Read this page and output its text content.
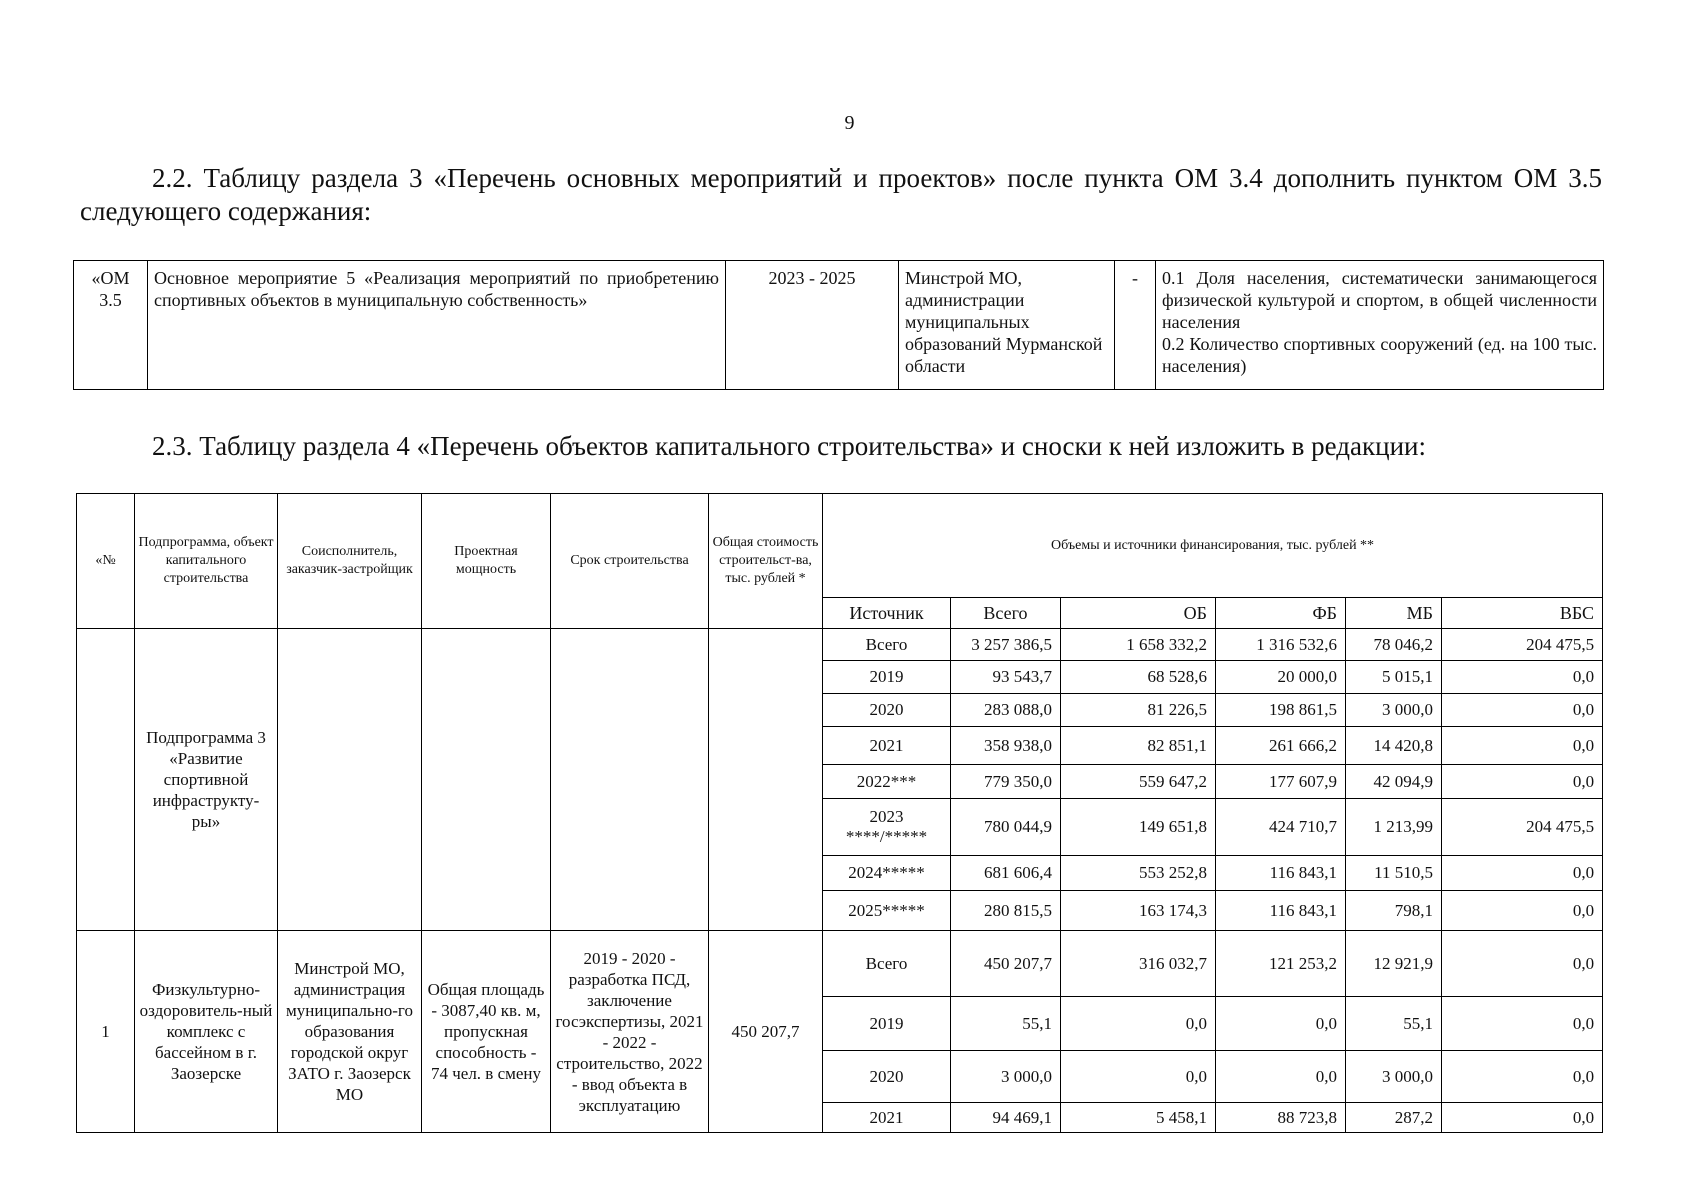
9
2.2. Таблицу раздела 3 «Перечень основных мероприятий и проектов» после пункта ОМ 3.4 дополнить пунктом ОМ 3.5 следующего содержания:
«ОМ 3.5	Основное мероприятие 5 «Реализация мероприятий по приобретению спортивных объектов в муниципальную собственность»	2023 - 2025	Минстрой МО, администрации муниципальных образований Мурманской области	-	0.1 Доля населения, систематически занимающегося физической культурой и спортом, в общей численности населения
0.2 Количество спортивных сооружений (ед. на 100 тыс. населения)
2.3. Таблицу раздела 4 «Перечень объектов капитального строительства» и сноски к ней изложить в редакции:
«№	Подпрограмма, объект капитального строительства	Соисполнитель, заказчик-застройщик	Проектная мощность	Срок строительства	Общая стоимость строительст-ва, тыс. рублей *	Объемы и источники финансирования, тыс. рублей **					
						Источник	Всего	ОБ	ФБ	МБ	ВБС
	Подпрограмма 3 «Развитие спортивной инфраструкту-ры»					Всего	3 257 386,5	1 658 332,2	1 316 532,6	78 046,2	204 475,5
						2019	93 543,7	68 528,6	20 000,0	5 015,1	0,0
						2020	283 088,0	81 226,5	198 861,5	3 000,0	0,0
						2021	358 938,0	82 851,1	261 666,2	14 420,8	0,0
						2022***	779 350,0	559 647,2	177 607,9	42 094,9	0,0
						2023 ****/*****	780 044,9	149 651,8	424 710,7	1 213,99	204 475,5
						2024*****	681 606,4	553 252,8	116 843,1	11 510,5	0,0
						2025*****	280 815,5	163 174,3	116 843,1	798,1	0,0
1	Физкультурно-оздоровитель-ный комплекс с бассейном в г. Заозерске	Минстрой МО, администрация муниципально-го образования городской округ ЗАТО г. Заозерск МО	Общая площадь - 3087,40 кв. м, пропускная способность - 74 чел. в смену	2019 - 2020 - разработка ПСД, заключение госэкспертизы, 2021 - 2022 - строительство, 2022 - ввод объекта в эксплуатацию	450 207,7	Всего	450 207,7	316 032,7	121 253,2	12 921,9	0,0
						2019	55,1	0,0	0,0	55,1	0,0
						2020	3 000,0	0,0	0,0	3 000,0	0,0
						2021	94 469,1	5 458,1	88 723,8	287,2	0,0
